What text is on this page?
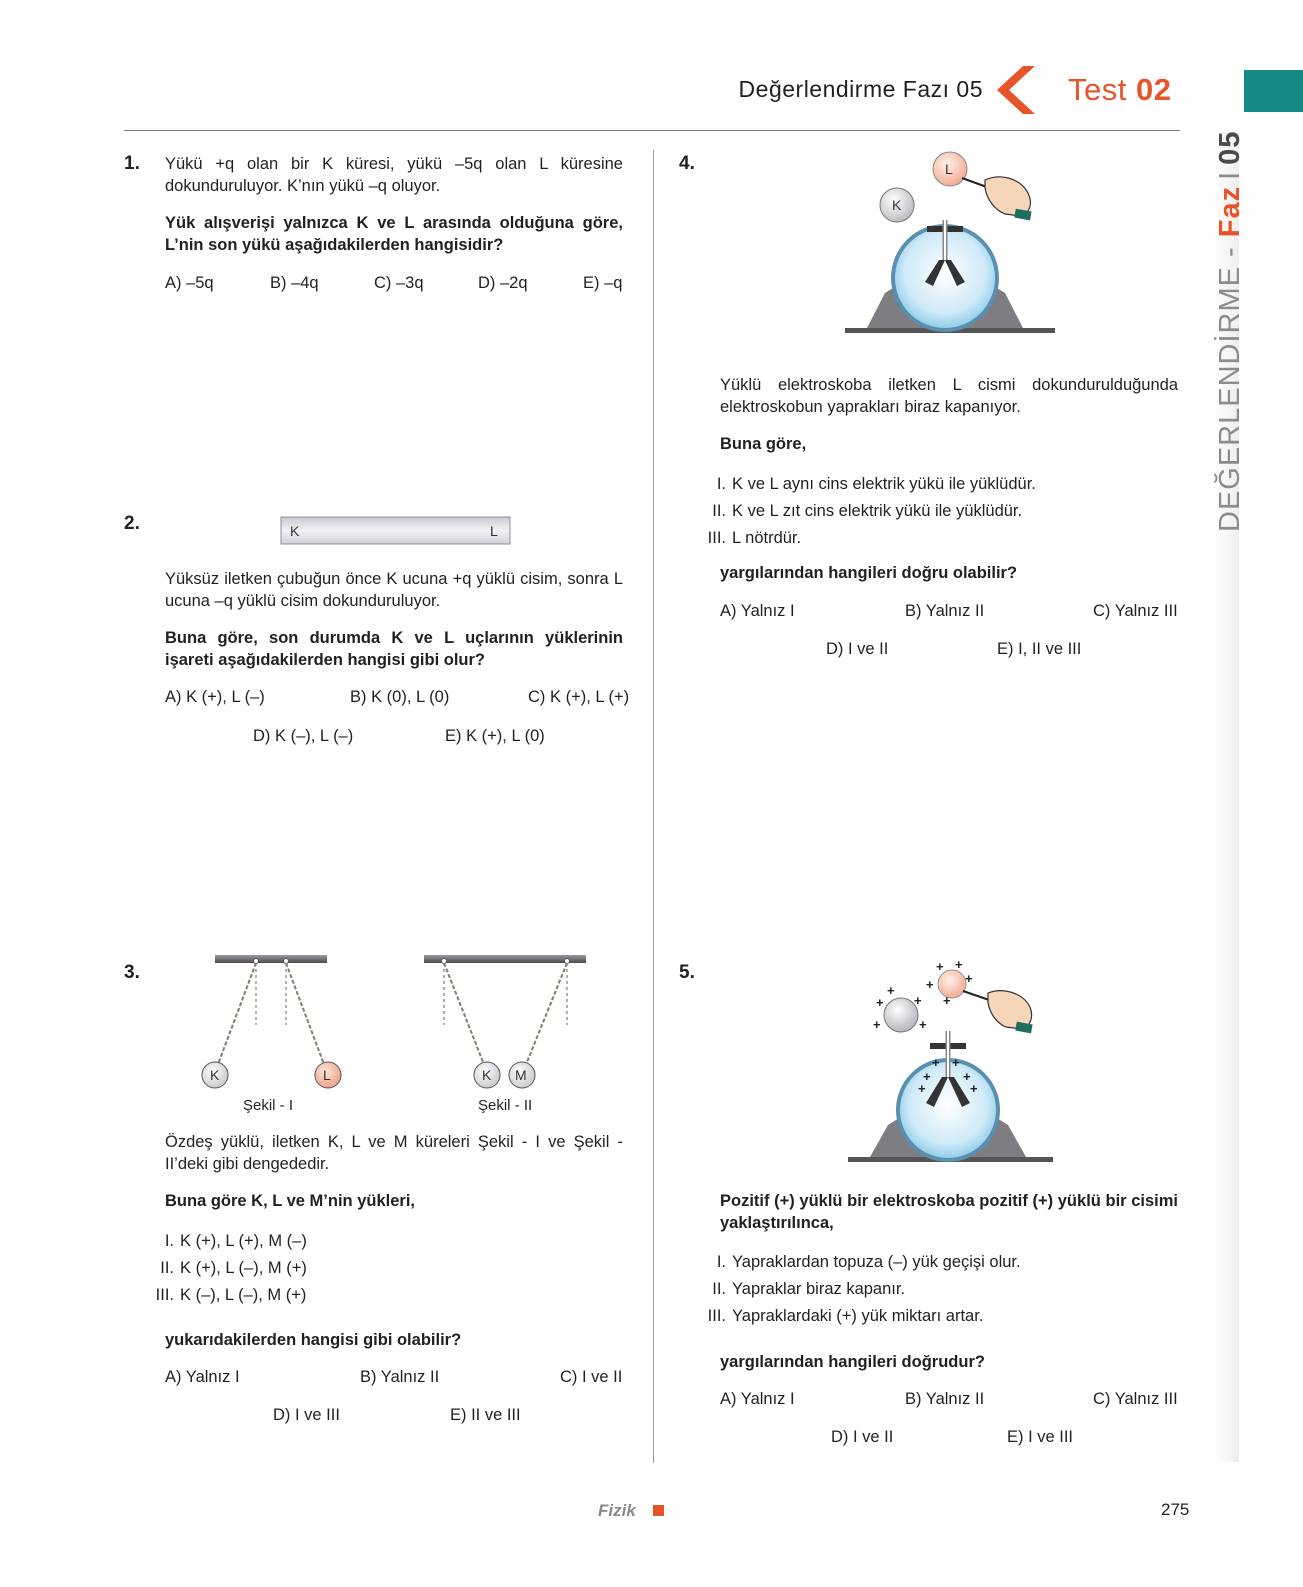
Değerlendirme Fazı 05	Test 02
DEĞERLENDİRME - FazI05
1. Yükü +q olan bir K küresi, yükü –5q olan L küresine dokunduruluyor. K’nın yükü –q oluyor.
Yük alışverişi yalnızca K ve L arasında olduğuna göre, L’nin son yükü aşağıdakilerden hangisidir?
A) –5q	B) –4q	C) –3q	D) –2q	E) –q
2.	K	L
Yüksüz iletken çubuğun önce K ucuna +q yüklü cisim, sonra L ucuna –q yüklü cisim dokunduruluyor.
Buna göre, son durumda K ve L uçlarının yüklerinin işareti aşağıdakilerden hangisi gibi olur?
A) K (+), L (–)	B) K (0), L (0)	C) K (+), L (+)
D) K (–), L (–)	E) K (+), L (0)
3.
K	L
Şekil - I
K M
Şekil - II
Özdeş yüklü, iletken K, L ve M küreleri Şekil - I ve Şekil - II’deki gibi dengededir.
Buna göre K, L ve M’nin yükleri,
I. K (+), L (+), M (–)
II. K (+), L (–), M (+)
III. K (–), L (–), M (+)
yukarıdakilerden hangisi gibi olabilir?
A) Yalnız I	B) Yalnız II	C) I ve II
D) I ve III	E) II ve III
4.
K
L
Yüklü elektroskoba iletken L cismi dokundurulduğunda elektroskobun yaprakları biraz kapanıyor.
Buna göre,
I. K ve L aynı cins elektrik yükü ile yüklüdür.
II. K ve L zıt cins elektrik yükü ile yüklüdür.
III. L nötrdür.
yargılarından hangileri doğru olabilir?
A) Yalnız I	B) Yalnız II	C) Yalnız III
D) I ve II	E) I, II ve III
5.
+
+
+
+	+
+ +
+
+
+
+ +
+ +
+	+
Pozitif (+) yüklü bir elektroskoba pozitif (+) yüklü bir cisimi yaklaştırılınca,
I. Yapraklardan topuza (–) yük geçişi olur.
II. Yapraklar biraz kapanır.
III. Yapraklardaki (+) yük miktarı artar.
yargılarından hangileri doğrudur?
A) Yalnız I	B) Yalnız II	C) Yalnız III
D) I ve II	E) I ve III
Fizik	275
